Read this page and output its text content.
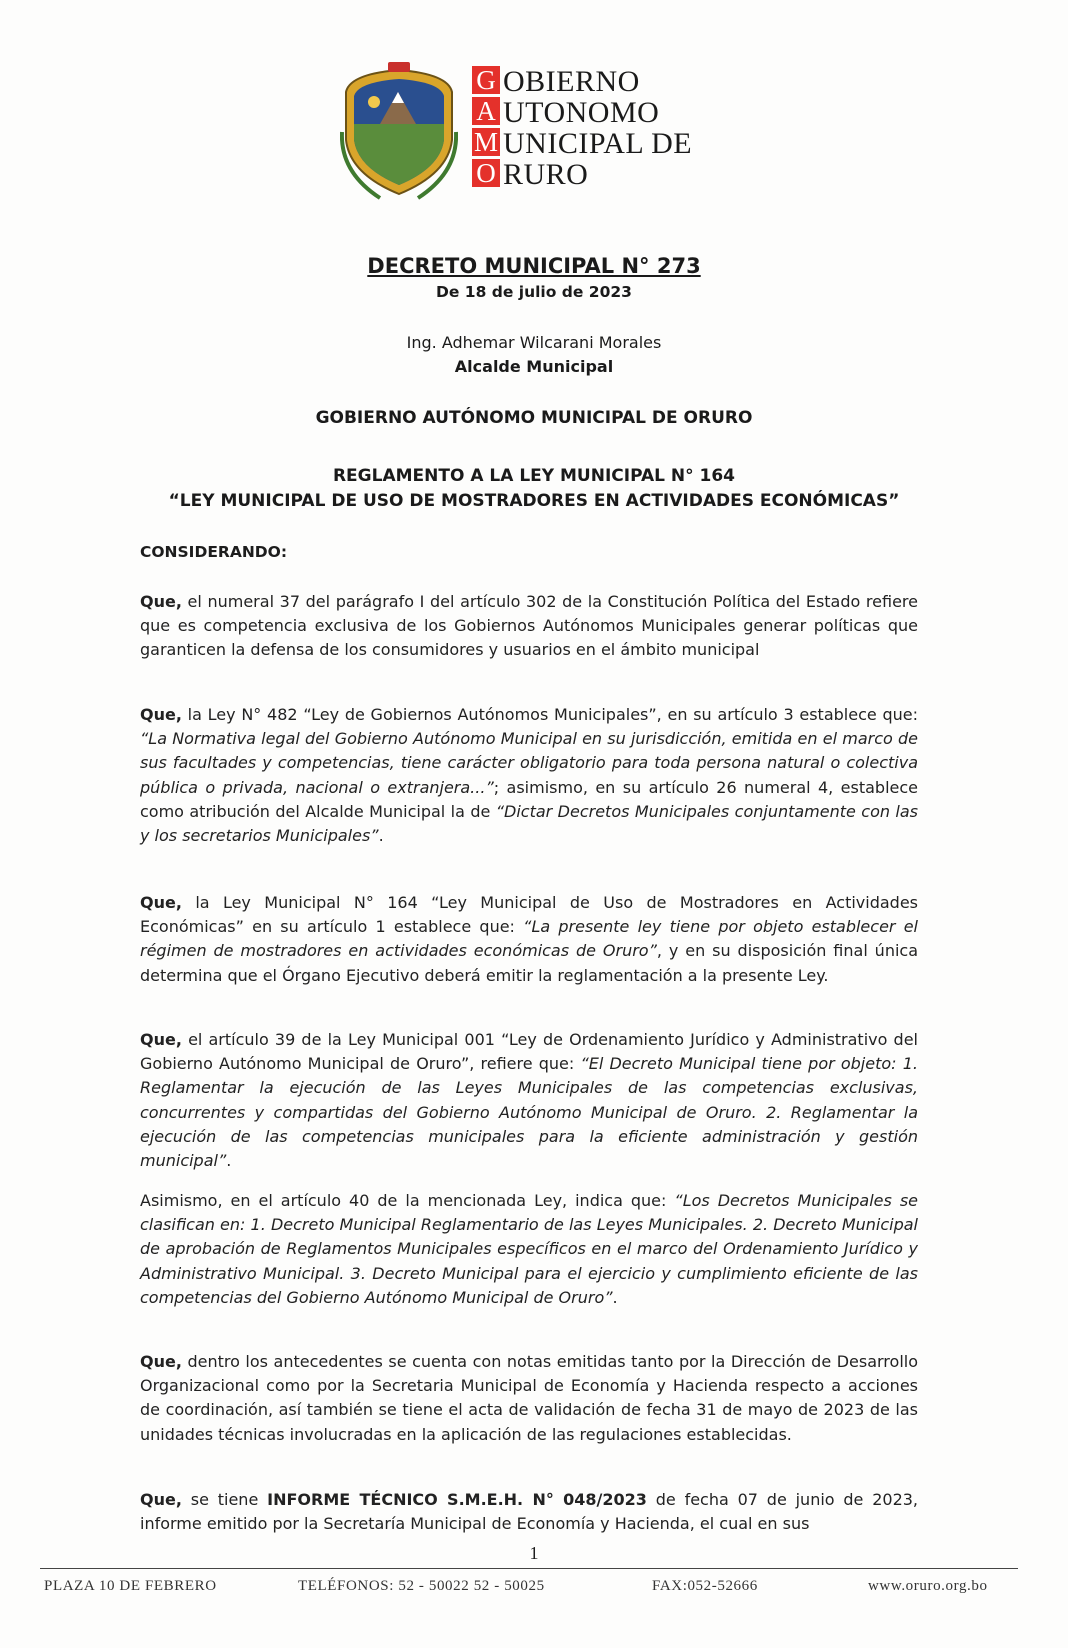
G
A
M
O
OBIERNO
UTONOMO
UNICIPAL DE
RURO
DECRETO MUNICIPAL N° 273
De 18 de julio de 2023
Ing. Adhemar Wilcarani Morales
Alcalde Municipal
GOBIERNO AUTÓNOMO MUNICIPAL DE ORURO
REGLAMENTO A LA LEY MUNICIPAL N° 164
“LEY MUNICIPAL DE USO DE MOSTRADORES EN ACTIVIDADES ECONÓMICAS”
CONSIDERANDO:
Que, el numeral 37 del parágrafo I del artículo 302 de la Constitución Política del Estado refiere que es competencia exclusiva de los Gobiernos Autónomos Municipales generar políticas que garanticen la defensa de los consumidores y usuarios en el ámbito municipal
Que, la Ley N° 482 “Ley de Gobiernos Autónomos Municipales”, en su artículo 3 establece que: “La Normativa legal del Gobierno Autónomo Municipal en su jurisdicción, emitida en el marco de sus facultades y competencias, tiene carácter obligatorio para toda persona natural o colectiva pública o privada, nacional o extranjera...”; asimismo, en su artículo 26 numeral 4, establece como atribución del Alcalde Municipal la de “Dictar Decretos Municipales conjuntamente con las y los secretarios Municipales”.
Que, la Ley Municipal N° 164 “Ley Municipal de Uso de Mostradores en Actividades Económicas” en su artículo 1 establece que: “La presente ley tiene por objeto establecer el régimen de mostradores en actividades económicas de Oruro”, y en su disposición final única determina que el Órgano Ejecutivo deberá emitir la reglamentación a la presente Ley.
Que, el artículo 39 de la Ley Municipal 001 “Ley de Ordenamiento Jurídico y Administrativo del Gobierno Autónomo Municipal de Oruro”, refiere que: “El Decreto Municipal tiene por objeto: 1. Reglamentar la ejecución de las Leyes Municipales de las competencias exclusivas, concurrentes y compartidas del Gobierno Autónomo Municipal de Oruro. 2. Reglamentar la ejecución de las competencias municipales para la eficiente administración y gestión municipal”.
Asimismo, en el artículo 40 de la mencionada Ley, indica que: “Los Decretos Municipales se clasifican en: 1. Decreto Municipal Reglamentario de las Leyes Municipales. 2. Decreto Municipal de aprobación de Reglamentos Municipales específicos en el marco del Ordenamiento Jurídico y Administrativo Municipal. 3. Decreto Municipal para el ejercicio y cumplimiento eficiente de las competencias del Gobierno Autónomo Municipal de Oruro”.
Que, dentro los antecedentes se cuenta con notas emitidas tanto por la Dirección de Desarrollo Organizacional como por la Secretaria Municipal de Economía y Hacienda respecto a acciones de coordinación, así también se tiene el acta de validación de fecha 31 de mayo de 2023 de las unidades técnicas involucradas en la aplicación de las regulaciones establecidas.
Que, se tiene INFORME TÉCNICO S.M.E.H. N° 048/2023 de fecha 07 de junio de 2023, informe emitido por la Secretaría Municipal de Economía y Hacienda, el cual en sus
1
PLAZA 10 DE FEBRERO	TELÉFONOS: 52 - 50022 52 - 50025	FAX:052-52666	www.oruro.org.bo
